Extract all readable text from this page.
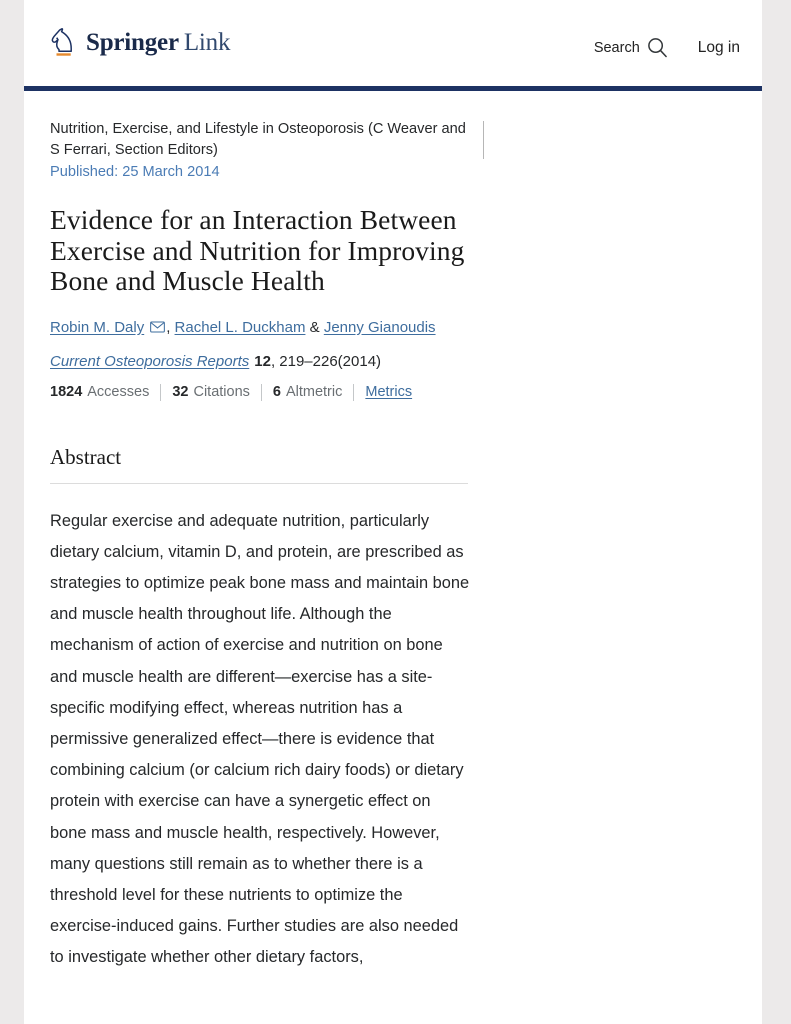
Springer Link	Search	Log in

Nutrition, Exercise, and Lifestyle in Osteoporosis (C Weaver and S Ferrari, Section Editors)

Published: 25 March 2014

Evidence for an Interaction Between Exercise and Nutrition for Improving Bone and Muscle Health
Robin M. Daly ,
Rachel L. Duckham
&
Jenny Gianoudis
Current Osteoporosis Reports 12, 219–226(2014)
1824 Accesses 32 Citations 6 Altmetric Metrics
Abstract

Regular exercise and adequate nutrition, particularly dietary calcium, vitamin D, and protein, are prescribed as strategies to optimize peak bone mass and maintain bone and muscle health throughout life. Although the mechanism of action of exercise and nutrition on bone and muscle health are different—exercise has a site-specific modifying effect, whereas nutrition has a permissive generalized effect—there is evidence that combining calcium (or calcium rich dairy foods) or dietary protein with exercise can have a synergetic effect on bone mass and muscle health, respectively. However, many questions still remain as to whether there is a threshold level for these nutrients to optimize the exercise-induced gains. Further studies are also needed to investigate whether other dietary factors,
